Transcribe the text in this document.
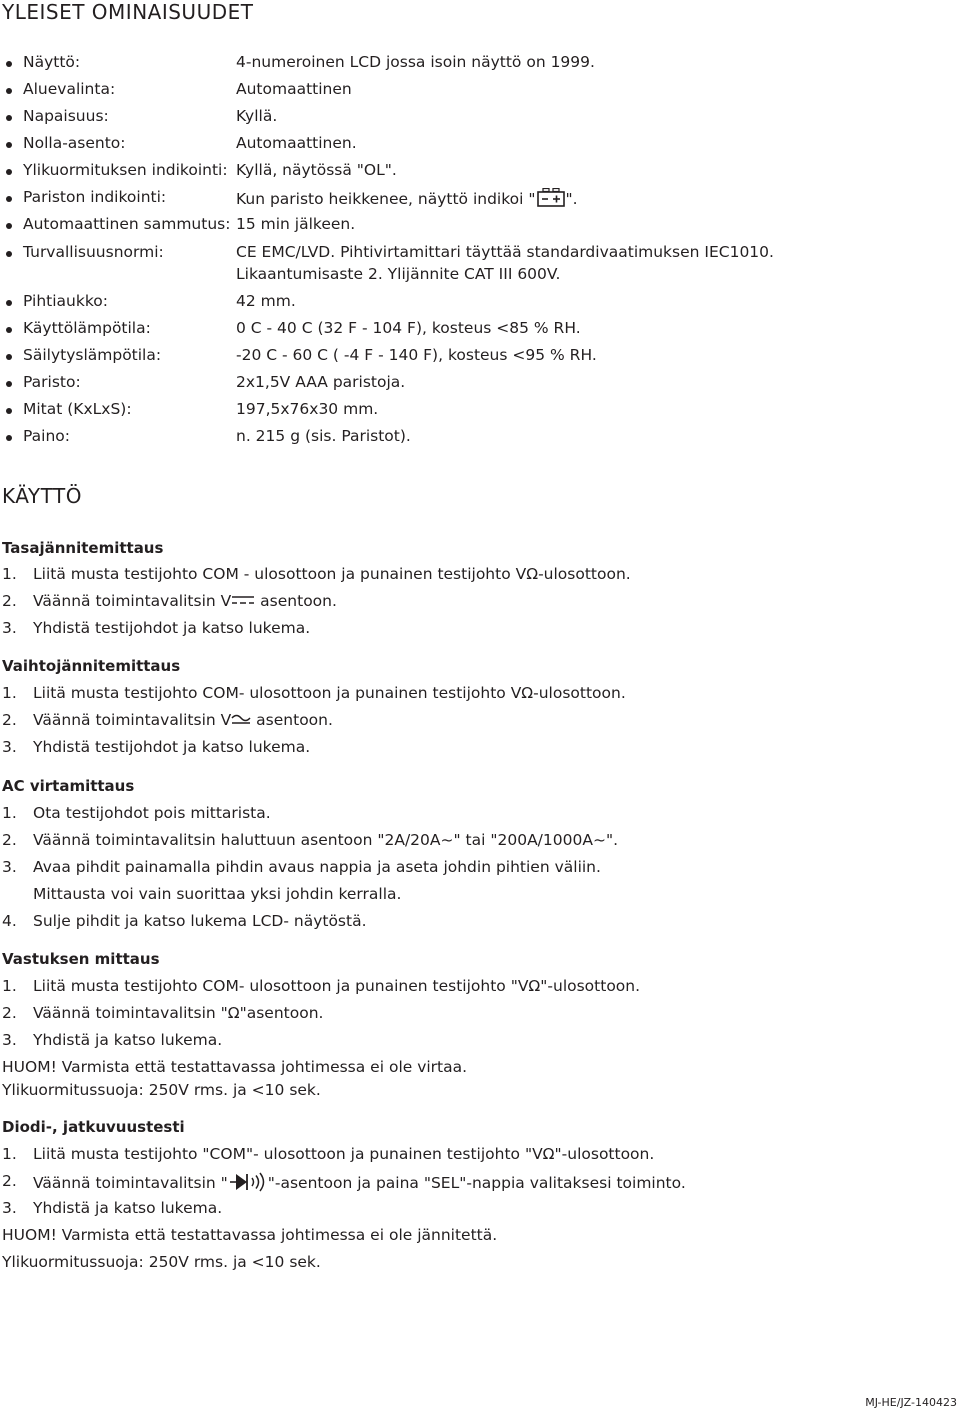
YLEISET OMINAISUUDET
Näyttö:	4-numeroinen LCD jossa isoin näyttö on 1999.
Aluevalinta:	Automaattinen
Napaisuus:	Kyllä.
Nolla-asento:	Automaattinen.
Ylikuormituksen indikointi: Kyllä, näytössä "OL".
Pariston indikointi:	Kun paristo heikkenee, näyttö indikoi " ".
Automaattinen sammutus: 15 min jälkeen.
Turvallisuusnormi:	CE EMC/LVD. Pihtivirtamittari täyttää standardivaatimuksen IEC1010.
Likaantumisaste 2. Ylijännite CAT III 600V.
Pihtiaukko:	42 mm.
Käyttölämpötila:	0 C - 40 C (32 F - 104 F), kosteus <85 % RH.
Säilytyslämpötila:	-20 C - 60 C ( -4 F - 140 F), kosteus <95 % RH.
Paristo:	2x1,5V AAA paristoja.
Mitat (KxLxS):	197,5x76x30 mm.
Paino:	n. 215 g (sis. Paristot).
KÄYTTÖ
Tasajännitemittaus
1. Liitä musta testijohto COM - ulosottoon ja punainen testijohto VΩ-ulosottoon.
2. Väännä toimintavalitsin V asentoon.
3. Yhdistä testijohdot ja katso lukema.
Vaihtojännitemittaus
1. Liitä musta testijohto COM- ulosottoon ja punainen testijohto VΩ-ulosottoon.
2. Väännä toimintavalitsin V asentoon.
3. Yhdistä testijohdot ja katso lukema.
AC virtamittaus
1. Ota testijohdot pois mittarista.
2. Väännä toimintavalitsin haluttuun asentoon "2A/20A~" tai "200A/1000A~".
3. Avaa pihdit painamalla pihdin avaus nappia ja aseta johdin pihtien väliin.
Mittausta voi vain suorittaa yksi johdin kerralla.
4. Sulje pihdit ja katso lukema LCD- näytöstä.
Vastuksen mittaus
1. Liitä musta testijohto COM- ulosottoon ja punainen testijohto "VΩ"-ulosottoon.
2. Väännä toimintavalitsin "Ω"asentoon.
3. Yhdistä ja katso lukema.
HUOM! Varmista että testattavassa johtimessa ei ole virtaa.
Ylikuormitussuoja: 250V rms. ja <10 sek.
Diodi-, jatkuvuustesti
1. Liitä musta testijohto "COM"- ulosottoon ja punainen testijohto "VΩ"-ulosottoon.
2. Väännä toimintavalitsin "	"-asentoon ja paina "SEL"-nappia valitaksesi toiminto.
3. Yhdistä ja katso lukema.
HUOM! Varmista että testattavassa johtimessa ei ole jännitettä.
Ylikuormitussuoja: 250V rms. ja <10 sek.
MJ-HE/JZ-140423
